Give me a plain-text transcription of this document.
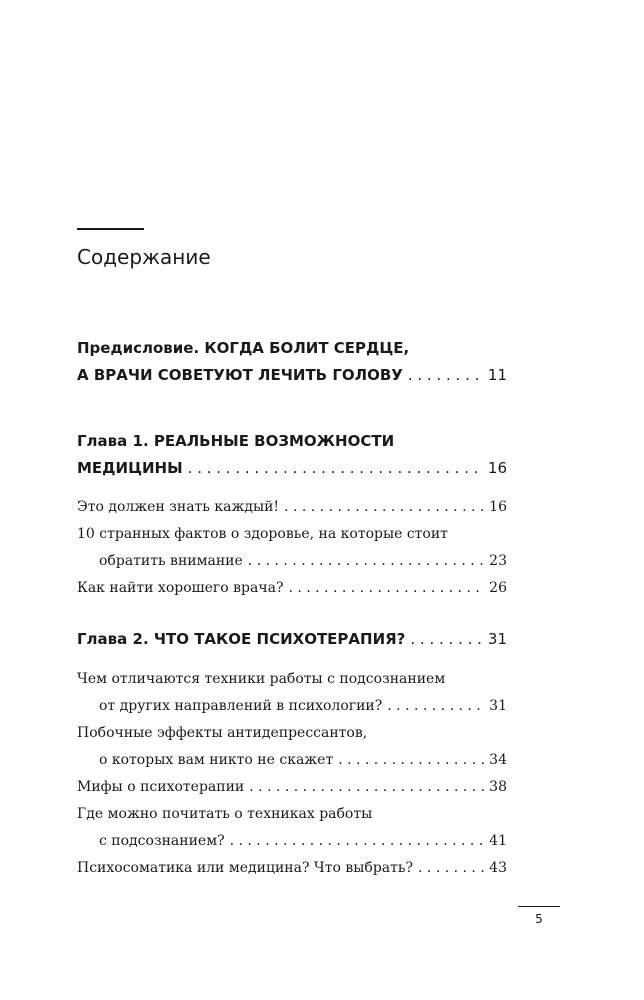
Содержание
Предисловие. КОГДА БОЛИТ СЕРДЦЕ,
А ВРАЧИ СОВЕТУЮТ ЛЕЧИТЬ ГОЛОВУ . . .	11
Глава 1. РЕАЛЬНЫЕ ВОЗМОЖНОСТИ
МЕДИЦИНЫ . . .	16
Это должен знать каждый! . . .	16
10 странных фактов о здоровье, на которые стоит
обратить внимание . . .	23
Как найти хорошего врача? . . .	26
Глава 2. ЧТО ТАКОЕ ПСИХОТЕРАПИЯ? . . .	31
Чем отличаются техники работы с подсознанием
от других направлений в психологии? . . .	31
Побочные эффекты антидепрессантов,
о которых вам никто не скажет . . .	34
Мифы о психотерапии . . .	38
Где можно почитать о техниках работы
с подсознанием? . . .	41
Психосоматика или медицина? Что выбрать? . . .	43
5
